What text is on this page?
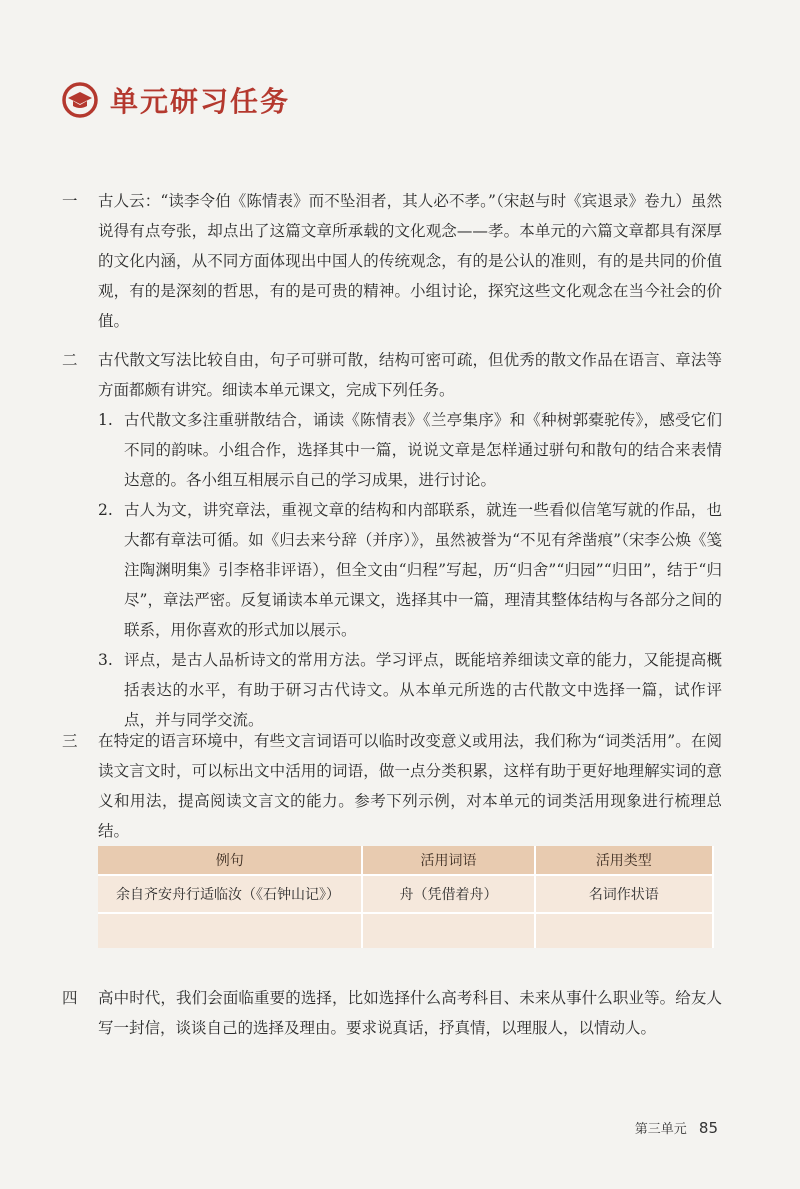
单元研习任务
一	古人云：“读李令伯《陈情表》而不坠泪者，其人必不孝。”（宋赵与时《宾退录》卷九）虽然说得有点夸张，却点出了这篇文章所承载的文化观念——孝。本单元的六篇文章都具有深厚的文化内涵，从不同方面体现出中国人的传统观念，有的是公认的准则，有的是共同的价值观，有的是深刻的哲思，有的是可贵的精神。小组讨论，探究这些文化观念在当今社会的价值。
二	古代散文写法比较自由，句子可骈可散，结构可密可疏，但优秀的散文作品在语言、章法等方面都颇有讲究。细读本单元课文，完成下列任务。
1. 古代散文多注重骈散结合，诵读《陈情表》《兰亭集序》和《种树郭橐驼传》，感受它们不同的韵味。小组合作，选择其中一篇，说说文章是怎样通过骈句和散句的结合来表情达意的。各小组互相展示自己的学习成果，进行讨论。
2. 古人为文，讲究章法，重视文章的结构和内部联系，就连一些看似信笔写就的作品，也大都有章法可循。如《归去来兮辞（并序）》，虽然被誉为“不见有斧凿痕”（宋李公焕《笺注陶渊明集》引李格非评语），但全文由“归程”写起，历“归舍”“归园”“归田”，结于“归尽”，章法严密。反复诵读本单元课文，选择其中一篇，理清其整体结构与各部分之间的联系，用你喜欢的形式加以展示。
3. 评点，是古人品析诗文的常用方法。学习评点，既能培养细读文章的能力，又能提高概括表达的水平，有助于研习古代诗文。从本单元所选的古代散文中选择一篇，试作评点，并与同学交流。
三	在特定的语言环境中，有些文言词语可以临时改变意义或用法，我们称为“词类活用”。在阅读文言文时，可以标出文中活用的词语，做一点分类积累，这样有助于更好地理解实词的意义和用法，提高阅读文言文的能力。参考下列示例，对本单元的词类活用现象进行梳理总结。
例句	活用词语	活用类型
余自齐安舟行适临汝（《石钟山记》）	舟（凭借着舟）	名词作状语

四	高中时代，我们会面临重要的选择，比如选择什么高考科目、未来从事什么职业等。给友人写一封信，谈谈自己的选择及理由。要求说真话，抒真情，以理服人，以情动人。
第三单元 85
